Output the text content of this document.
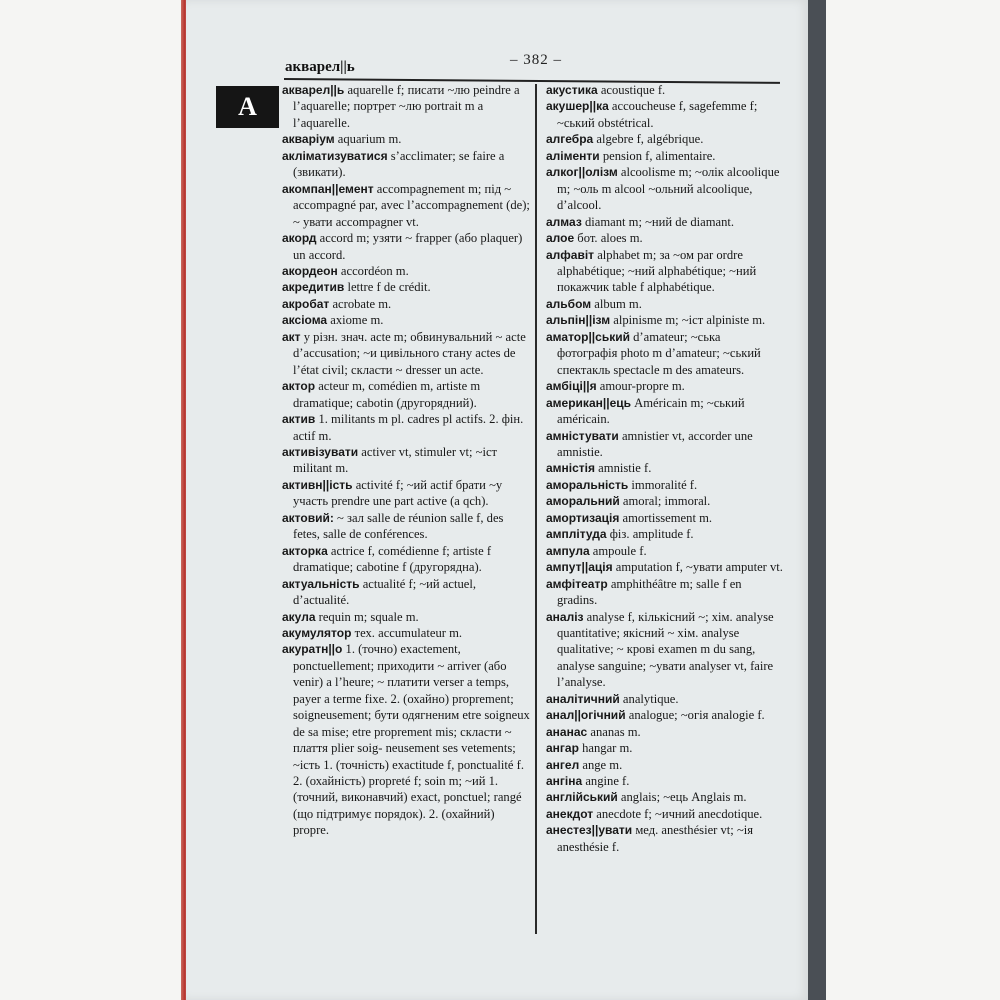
акварел||ь	– 382 –
А

акварел||ь aquarelle f; писати ~лю peindre a l’aquarelle; портрет ~лю portrait m a l’aquarelle.

акваріум aquarium m.

акліматизуватися s’acclimater; se faire a (звикати).

акомпан||емент accompagnement m; під ~ accompagné par, avec l’accompagnement (de); ~ увати accompagner vt.

акорд accord m; узяти ~ frapper (або plaquer) un accord.

акордеон accordéon m.

акредитив lettre f de crédit.

акробат acrobate m.

аксіома axiome m.

акт у різн. знач. acte m; обвинувальний ~ acte d’accusation; ~и цивільного стану actes de l’état civil; скласти ~ dresser un acte.

актор acteur m, comédien m, artiste m dramatique; cabotin (другорядний).

актив 1. militants m pl. cadres pl actifs. 2. фін. actif m.

активізувати activer vt, stimuler vt; ~іст militant m.

активн||ість activité f; ~ий actif брати ~у участь prendre une part active (a qch).

актовий: ~ зал salle de réunion salle f, des fetes, salle de conférences.

акторка actrice f, comédienne f; artiste f dramatique; cabotine f (другорядна).

актуальність actualité f; ~ий actuel, d’actualité.

акула requin m; squale m.

акумулятор тех. accumulateur m.

акуратн||о 1. (точно) exactement, ponctuellement; приходити ~ arriver (або venir) a l’heure; ~ платити verser a temps, payer a terme fixe. 2. (охайно) proprement; soigneusement; бути одягненим etre soigneux de sa mise; etre proprement mis; скласти ~ плаття plier soig- neusement ses vetements; ~ість 1. (точність) exactitude f, ponctualité f. 2. (охайність) propreté f; soin m; ~ий 1. (точний, виконавчий) exact, ponctuel; rangé (що підтримує порядок). 2. (охайний) propre.

акустика acoustique f.

акушер||ка accoucheuse f, sagefemme f; ~ський obstétrical.

алгебра algebre f, algébrique.

аліменти pension f, alimentaire.

алког||олізм alcoolisme m; ~олік alcoolique m; ~оль m alcool ~ольний alcoolique, d’alcool.

алмаз diamant m; ~ний de diamant.

алое бот. aloes m.

алфавіт alphabet m; за ~ом par ordre alphabétique; ~ний alphabétique; ~ний покажчик table f alphabétique.

альбом album m.

альпін||ізм alpinisme m; ~іст alpiniste m.

аматор||ський d’amateur; ~ська фотографія photo m d’amateur; ~ський спектакль spectacle m des amateurs.

амбіці||я amour-propre m.

американ||ець Américain m; ~ський américain.

амністувати amnistier vt, accorder une amnistie.

амністія amnistie f.

аморальність immoralité f.

аморальний amoral; immoral.

амортизація amortissement m.

амплітуда фіз. amplitude f.

ампула ampoule f.

ампут||ація amputation f, ~увати amputer vt.

амфітеатр amphithéâtre m; salle f en gradins.

аналіз analyse f, кількісний ~; хім. analyse quantitative; якісний ~ хім. analyse qualitative; ~ крові examen m du sang, analyse sanguine; ~увати analyser vt, faire l’analyse.

аналітичний analytique.

анал||огічний analogue; ~огія analogie f.

ананас ananas m.

ангар hangar m.

ангел ange m.

ангіна angine f.

англійський anglais; ~ець Anglais m.

анекдот anecdote f; ~ичний anecdotique.

анестез||увати мед. anesthésier vt; ~ія anesthésie f.
